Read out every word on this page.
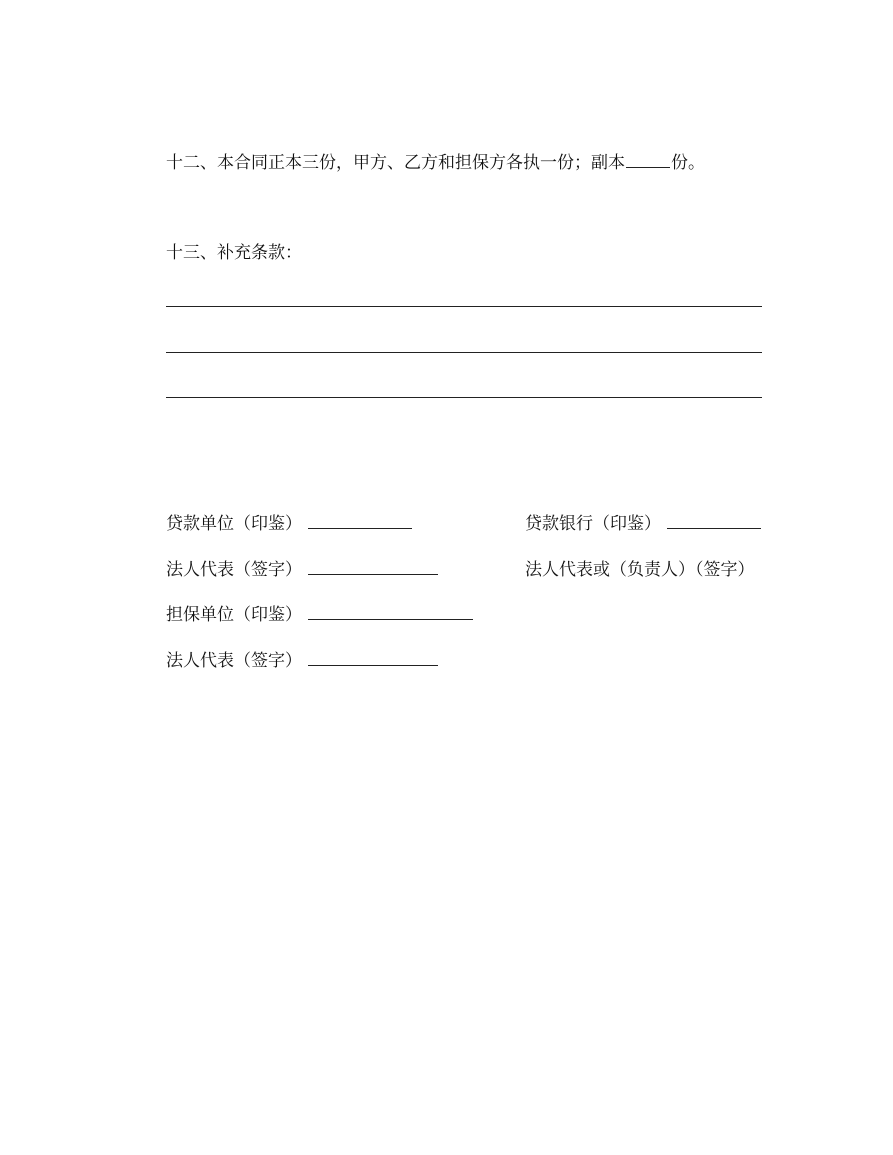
十二、本合同正本三份，甲方、乙方和担保方各执一份；副本	份。
十三、补充条款：
贷款单位（印鉴）	贷款银行（印鉴）
法人代表（签字）	法人代表或（负责人）（签字）
担保单位（印鉴）
法人代表（签字）
